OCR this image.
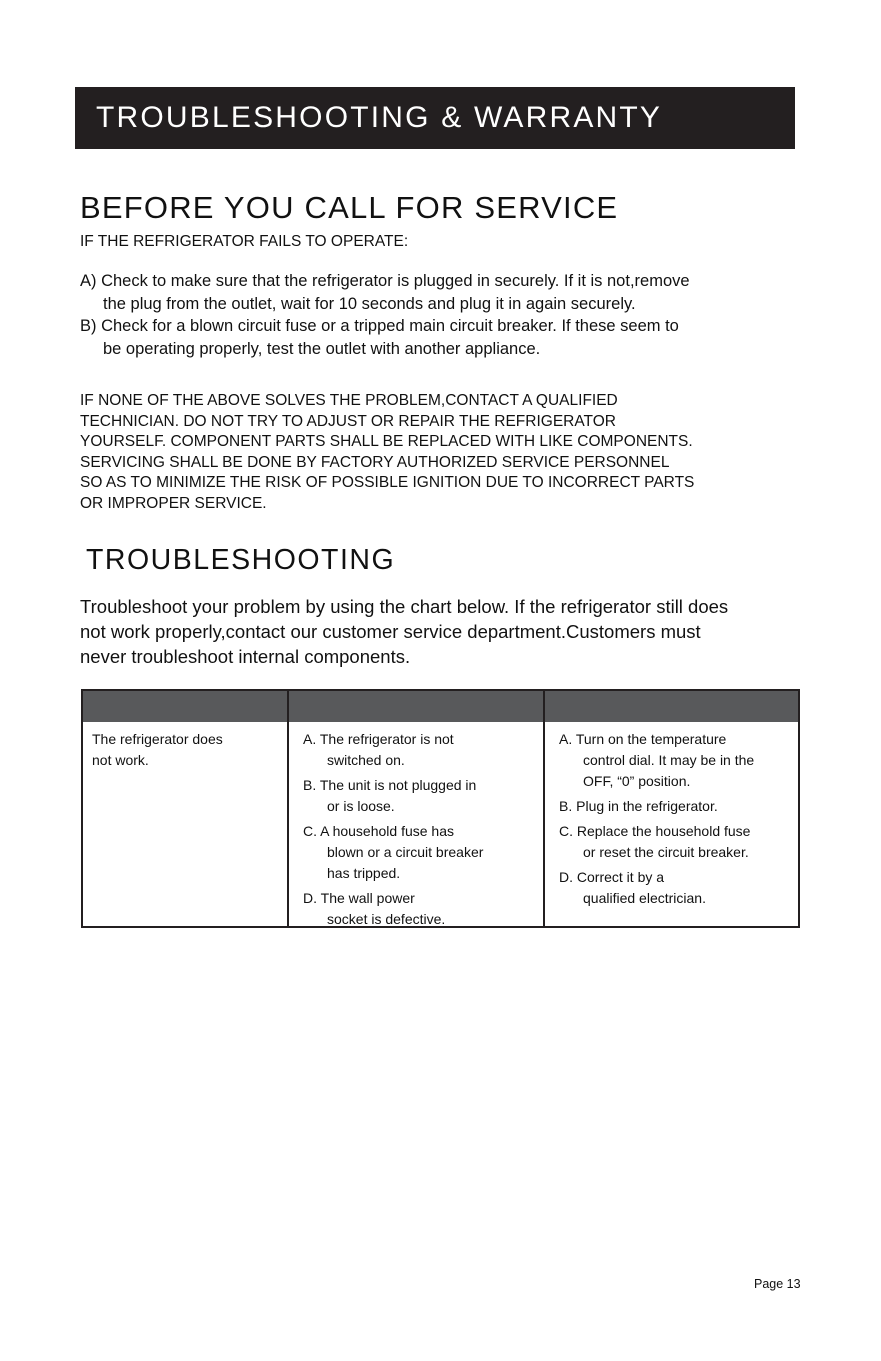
TROUBLESHOOTING & WARRANTY
BEFORE YOU CALL FOR SERVICE
IF THE REFRIGERATOR FAILS TO OPERATE:
A) Check to make sure that the refrigerator is plugged in securely. If it is not,remove
the plug from the outlet, wait for 10 seconds and plug it in again securely.
B) Check for a blown circuit fuse or a tripped main circuit breaker. If these seem to
be operating properly, test the outlet with another appliance.
IF NONE OF THE ABOVE SOLVES THE PROBLEM,CONTACT A QUALIFIED
TECHNICIAN. DO NOT TRY TO ADJUST OR REPAIR THE REFRIGERATOR
YOURSELF. COMPONENT PARTS SHALL BE REPLACED WITH LIKE COMPONENTS.
SERVICING SHALL BE DONE BY FACTORY AUTHORIZED SERVICE PERSONNEL
SO AS TO MINIMIZE THE RISK OF POSSIBLE IGNITION DUE TO INCORRECT PARTS
OR IMPROPER SERVICE.
TROUBLESHOOTING
Troubleshoot your problem by using the chart below. If the refrigerator still does
not work properly,contact our customer service department.Customers must
never troubleshoot internal components.
The refrigerator does
not work.
A. The refrigerator is not
switched on.
B. The unit is not plugged in
or is loose.
C. A household fuse has
blown or a circuit breaker
has tripped.
D. The wall power
socket is defective.
A. Turn on the temperature
control dial. It may be in the
OFF, “0” position.
B. Plug in the refrigerator.
C. Replace the household fuse
or reset the circuit breaker.
D. Correct it by a
qualified electrician.
Page 13
